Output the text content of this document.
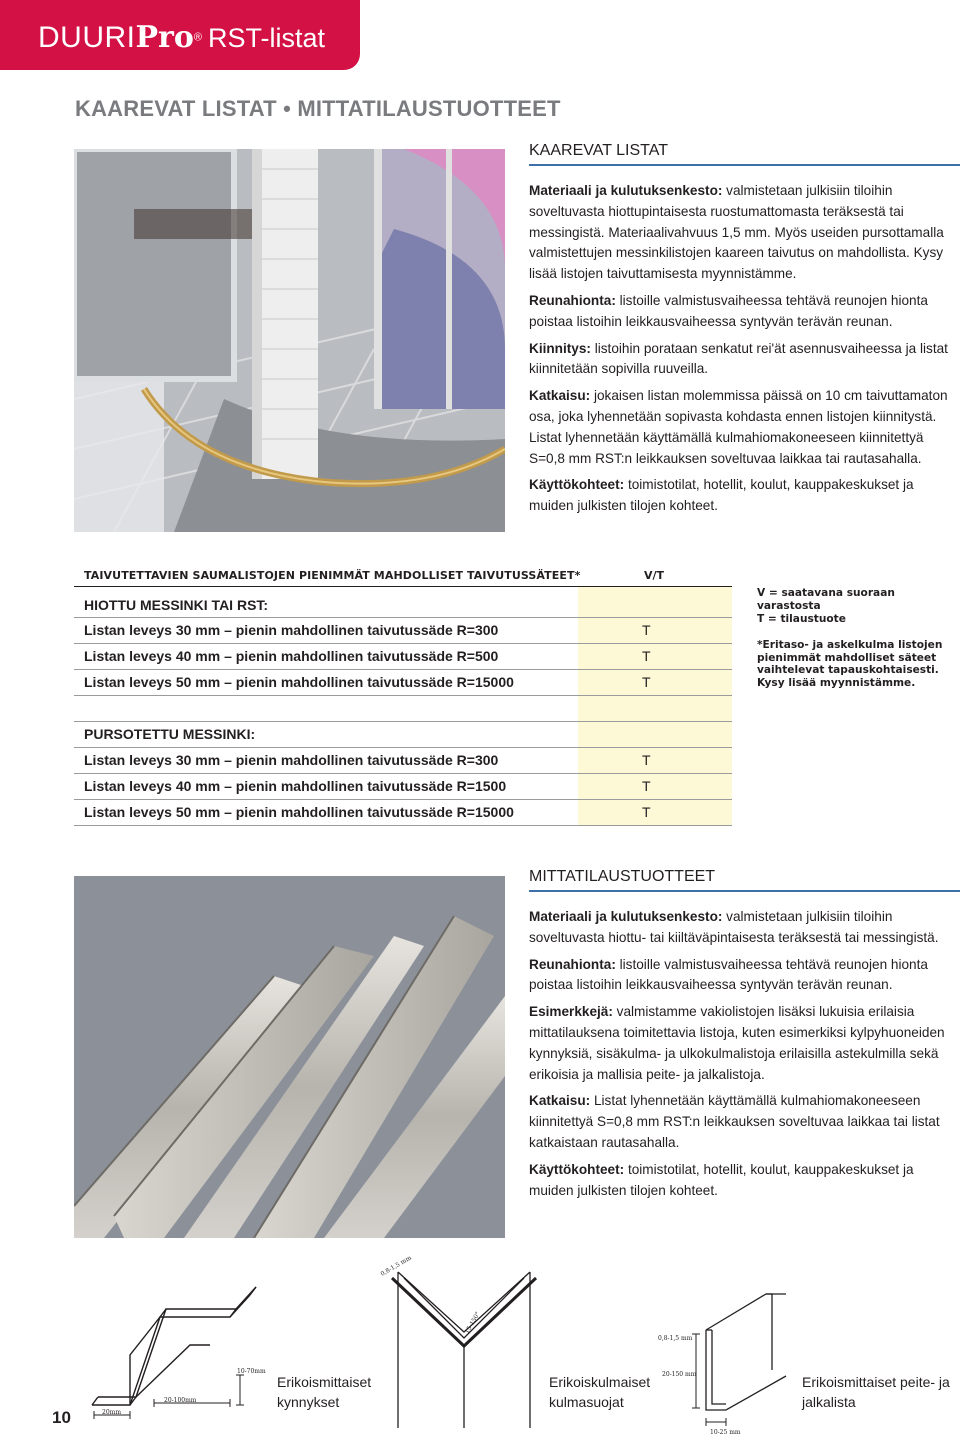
DUURIPro® RST-listat
KAAREVAT LISTAT • MITTATILAUSTUOTTEET
KAAREVAT LISTAT

Materiaali ja kulutuksenkesto: valmistetaan julkisiin tiloihin soveltuvasta hiottupintaisesta ruostumattomasta teräksestä tai messingistä. Materiaalivahvuus 1,5 mm. Myös useiden pursottamalla valmistettujen messinkilistojen kaareen taivutus on mahdollista. Kysy lisää listojen taivuttamisesta myynnistämme.

Reunahionta: listoille valmistusvaiheessa tehtävä reunojen hionta poistaa listoihin leikkausvaiheessa syntyvän terävän reunan.

Kiinnitys: listoihin porataan senkatut rei'ät asennusvaiheessa ja listat kiinnitetään sopivilla ruuveilla.

Katkaisu: jokaisen listan molemmissa päissä on 10 cm taivuttamaton osa, joka lyhennetään sopivasta kohdasta ennen listojen kiinnitystä. Listat lyhennetään käyttämällä kulmahiomakoneeseen kiinnitettyä S=0,8 mm RST:n leikkauksen soveltuvaa laikkaa tai rautasahalla.

Käyttökohteet: toimistotilat, hotellit, koulut, kauppakeskukset ja muiden julkisten tilojen kohteet.

TAIVUTETTAVIEN SAUMALISTOJEN PIENIMMÄT MAHDOLLISET TAIVUTUSSÄTEET*	V/T
HIOTTU MESSINKI TAI RST:
Listan leveys 30 mm – pienin mahdollinen taivutussäde R=300	T
Listan leveys 40 mm – pienin mahdollinen taivutussäde R=500	T
Listan leveys 50 mm – pienin mahdollinen taivutussäde R=15000	T
PURSOTETTU MESSINKI:
Listan leveys 30 mm – pienin mahdollinen taivutussäde R=300	T
Listan leveys 40 mm – pienin mahdollinen taivutussäde R=1500	T
Listan leveys 50 mm – pienin mahdollinen taivutussäde R=15000	T
V = saatavana suoraan varastosta
T = tilaustuote
*Eritaso- ja askelkulma listojen
pienimmät mahdolliset säteet
vaihtelevat tapauskohtaisesti.
Kysy lisää myynnistämme.
MITTATILAUSTUOTTEET

Materiaali ja kulutuksenkesto: valmistetaan julkisiin tiloihin soveltuvasta hiottu- tai kiiltäväpintaisesta teräksestä tai messingistä.

Reunahionta: listoille valmistusvaiheessa tehtävä reunojen hionta poistaa listoihin leikkausvaiheessa syntyvän terävän reunan.

Esimerkkejä: valmistamme vakiolistojen lisäksi lukuisia erilaisia mittatilauksena toimitettavia listoja, kuten esimerkiksi kylpyhuoneiden kynnyksiä, sisäkulma- ja ulkokulmalistoja erilaisilla astekulmilla sekä erikoisia ja mallisia peite- ja jalkalistoja.

Katkaisu: Listat lyhennetään käyttämällä kulmahiomakoneeseen kiinnitettyä S=0,8 mm RST:n leikkauksen soveltuvaa laikkaa tai listat katkaistaan rautasahalla.

Käyttökohteet: toimistotilat, hotellit, koulut, kauppakeskukset ja muiden julkisten tilojen kohteet.

20mm
20-100mm
10-70mm
Erikoismittaiset
kynnykset
0,8-1,5 mm
15-150°
Erikoiskulmaiset
kulmasuojat
0,8-1,5 mm
20-150 mm
10-25 mm
Erikoismittaiset peite- ja
jalkalista
10
